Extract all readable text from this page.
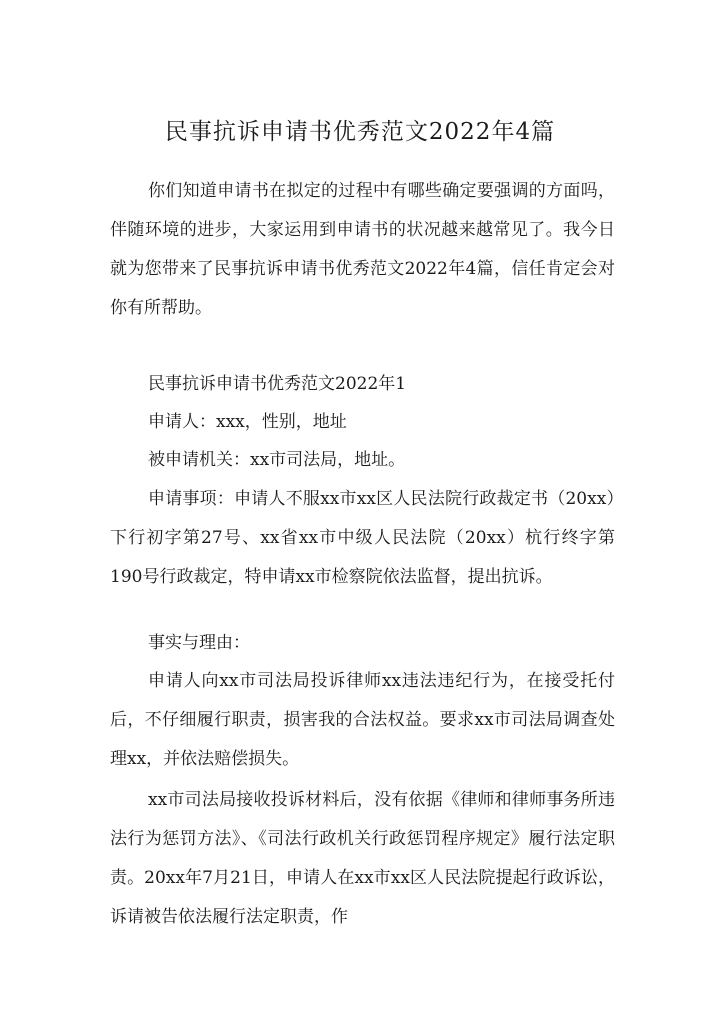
民事抗诉申请书优秀范文2022年4篇
你们知道申请书在拟定的过程中有哪些确定要强调的方面吗，伴随环境的进步，大家运用到申请书的状况越来越常见了。我今日就为您带来了民事抗诉申请书优秀范文2022年4篇，信任肯定会对你有所帮助。
民事抗诉申请书优秀范文2022年1
申请人：xxx，性别，地址
被申请机关：xx市司法局，地址。
申请事项：申请人不服xx市xx区人民法院行政裁定书（20xx）下行初字第27号、xx省xx市中级人民法院（20xx）杭行终字第190号行政裁定，特申请xx市检察院依法监督，提出抗诉。
事实与理由：
申请人向xx市司法局投诉律师xx违法违纪行为，在接受托付后，不仔细履行职责，损害我的合法权益。要求xx市司法局调查处理xx，并依法赔偿损失。
xx市司法局接收投诉材料后，没有依据《律师和律师事务所违法行为惩罚方法》、《司法行政机关行政惩罚程序规定》履行法定职责。20xx年7月21日，申请人在xx市xx区人民法院提起行政诉讼，诉请被告依法履行法定职责，作
